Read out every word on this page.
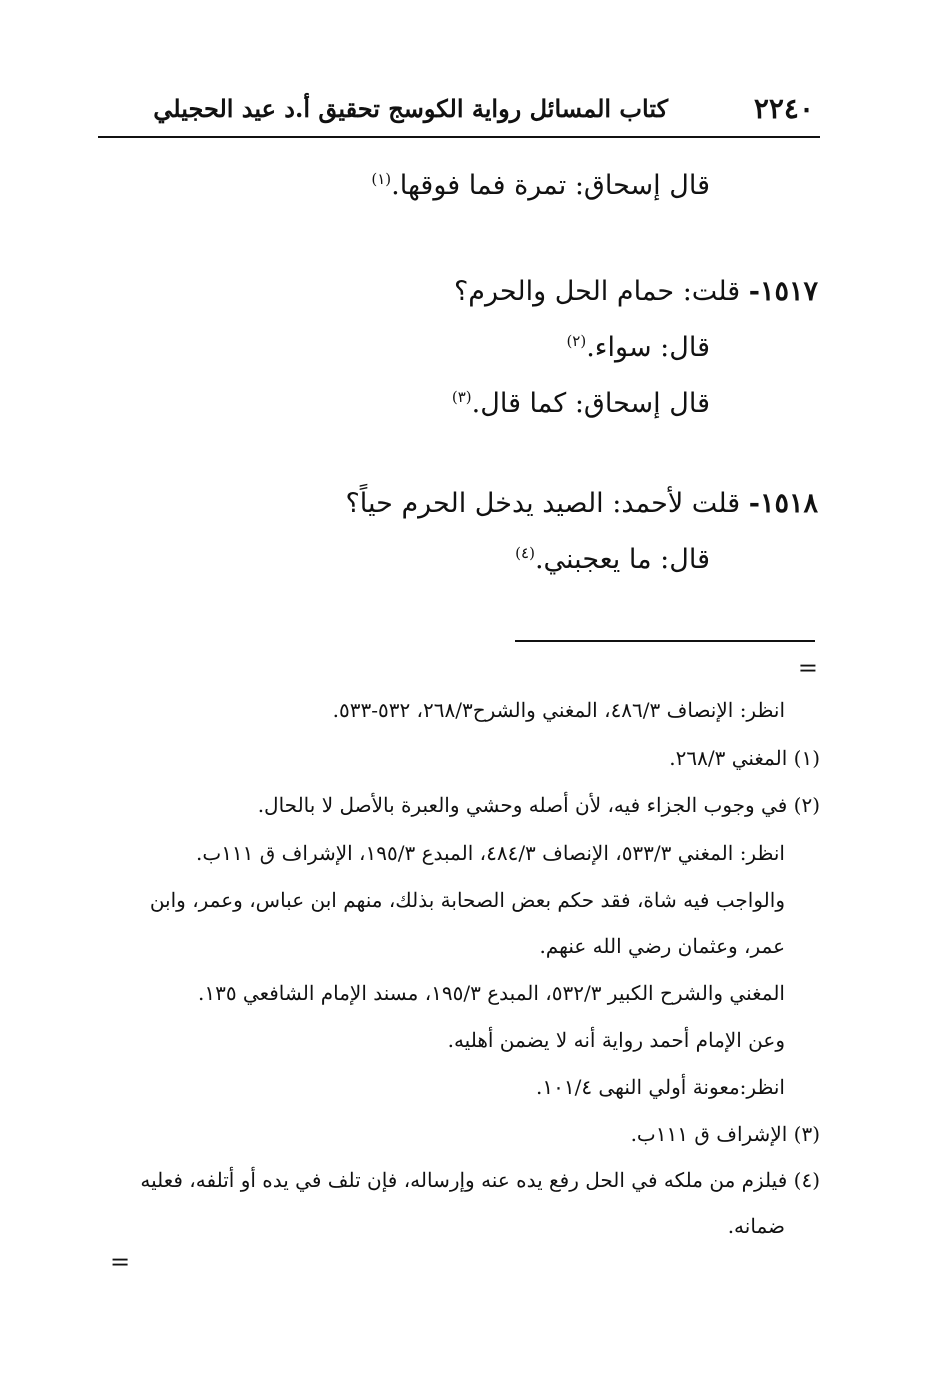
٢٢٤٠
كتاب المسائل رواية الكوسج تحقيق أ.د عيد الحجيلي
قال إسحاق: تمرة فما فوقها.$^{(١)}$
١٥١٧- قلت: حمام الحل والحرم؟
قال: سواء.$^{(٢)}$
قال إسحاق: كما قال.$^{(٣)}$
١٥١٨- قلت لأحمد: الصيد يدخل الحرم حياً؟
قال: ما يعجبني.$^{(٤)}$
=
انظر: الإنصاف ٤٨٦/٣، المغني والشرح٢٦٨/٣، ٥٣٢-٥٣٣.
(١) المغني ٢٦٨/٣.
(٢) في وجوب الجزاء فيه، لأن أصله وحشي والعبرة بالأصل لا بالحال.
انظر: المغني ٥٣٣/٣، الإنصاف ٤٨٤/٣، المبدع ١٩٥/٣، الإشراف ق ١١١ب.
والواجب فيه شاة، فقد حكم بعض الصحابة بذلك، منهم ابن عباس، وعمر، وابن
عمر، وعثمان رضي الله عنهم.
المغني والشرح الكبير ٥٣٢/٣، المبدع ١٩٥/٣، مسند الإمام الشافعي ١٣٥.
وعن الإمام أحمد رواية أنه لا يضمن أهليه.
انظر:معونة أولي النهى ١٠١/٤.
(٣) الإشراف ق ١١١ب.
(٤) فيلزم من ملكه في الحل رفع يده عنه وإرساله، فإن تلف في يده أو أتلفه، فعليه
ضمانه.
=
